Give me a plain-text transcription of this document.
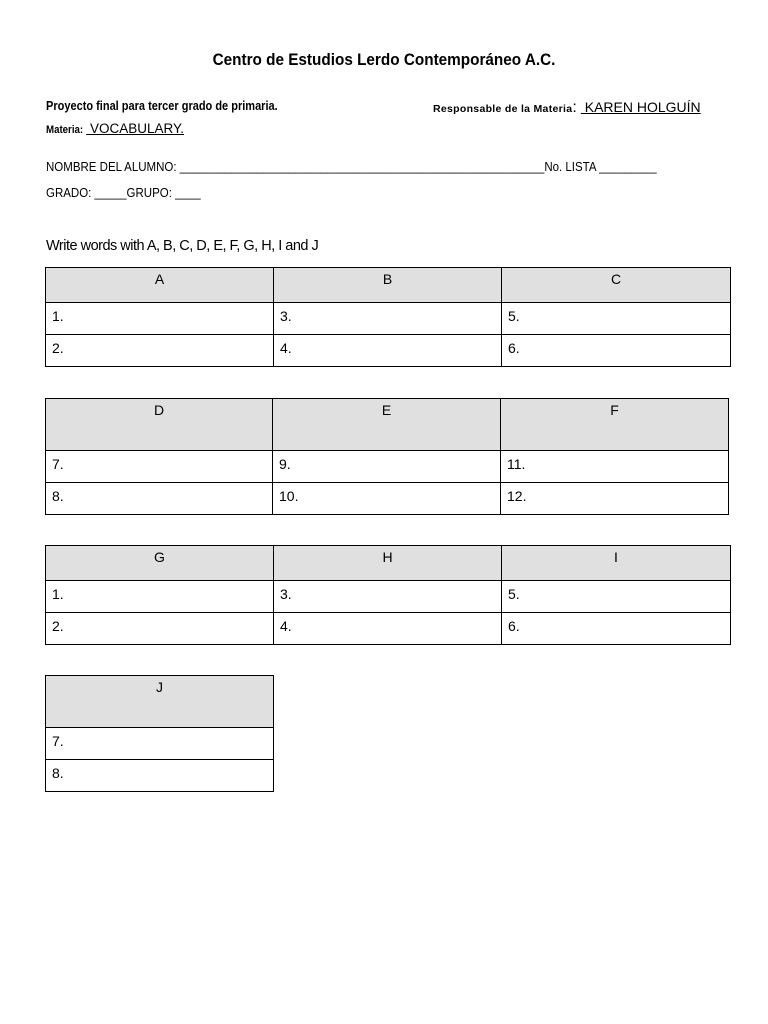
Centro de Estudios Lerdo Contemporáneo A.C.
Proyecto final para tercer grado de primaria.
Materia: VOCABULARY.
Responsable de la Materia: KAREN HOLGUÍN
NOMBRE DEL ALUMNO: _________________________________________________________No. LISTA _________
GRADO: _____GRUPO: ____
Write words with A, B, C, D, E, F, G, H, I and J
A	B	C
1.	3.	5.
2.	4.	6.
D	E	F
7.	9.	11.
8.	10.	12.
G	H	I
1.	3.	5.
2.	4.	6.
J
7.
8.
